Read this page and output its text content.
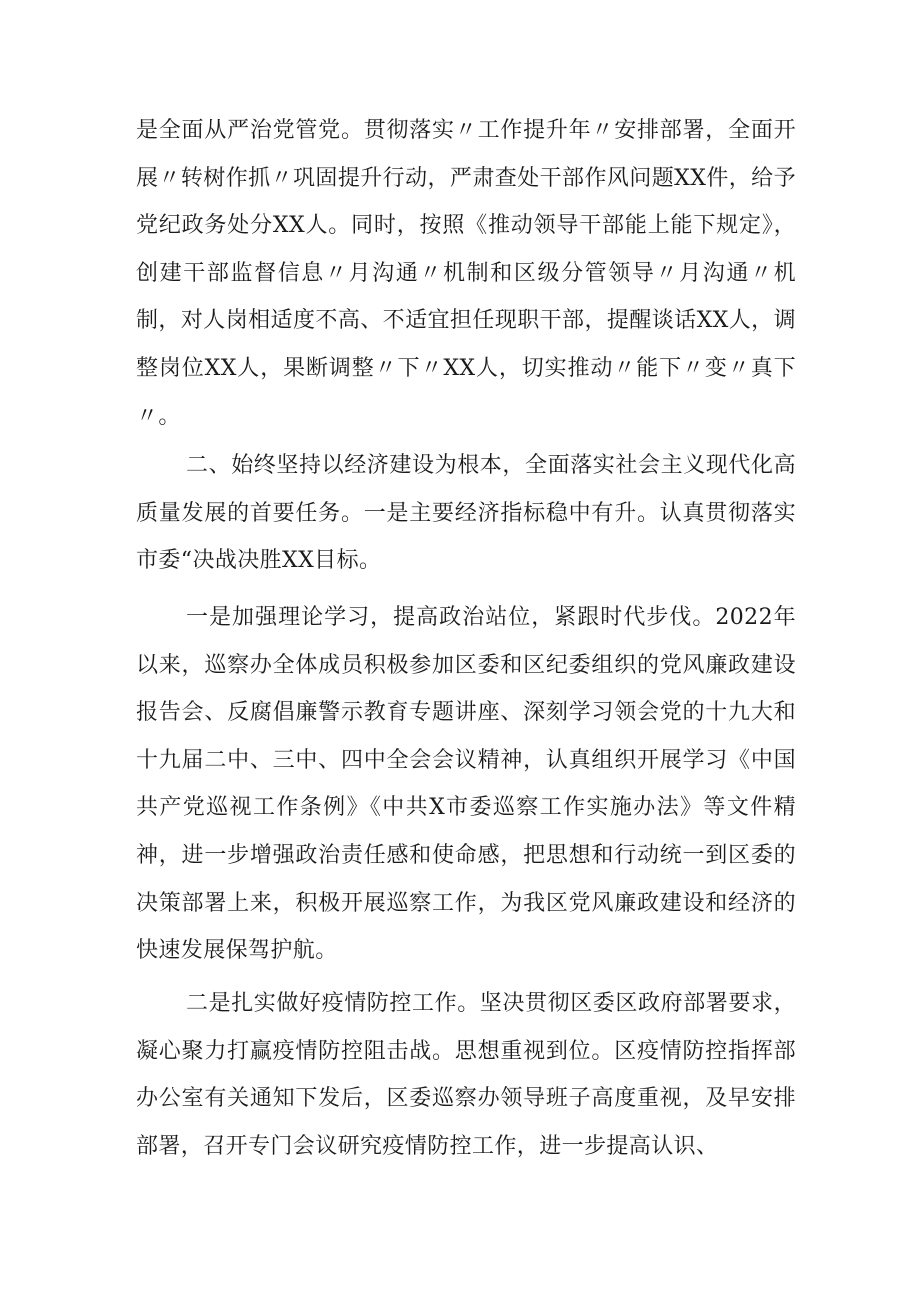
是全面从严治党管党。贯彻落实〃工作提升年〃安排部署，全面开展〃转树作抓〃巩固提升行动，严肃查处干部作风问题XX件，给予党纪政务处分XX人。同时，按照《推动领导干部能上能下规定》，创建干部监督信息〃月沟通〃机制和区级分管领导〃月沟通〃机制，对人岗相适度不高、不适宜担任现职干部，提醒谈话XX人，调整岗位XX人，果断调整〃下〃XX人，切实推动〃能下〃变〃真下〃。

二、始终坚持以经济建设为根本，全面落实社会主义现代化高质量发展的首要任务。一是主要经济指标稳中有升。认真贯彻落实市委“决战决胜XX目标。

一是加强理论学习，提高政治站位，紧跟时代步伐。2022年以来，巡察办全体成员积极参加区委和区纪委组织的党风廉政建设报告会、反腐倡廉警示教育专题讲座、深刻学习领会党的十九大和十九届二中、三中、四中全会会议精神，认真组织开展学习《中国共产党巡视工作条例》《中共X市委巡察工作实施办法》等文件精神，进一步增强政治责任感和使命感，把思想和行动统一到区委的决策部署上来，积极开展巡察工作，为我区党风廉政建设和经济的快速发展保驾护航。

二是扎实做好疫情防控工作。坚决贯彻区委区政府部署要求，凝心聚力打赢疫情防控阻击战。思想重视到位。区疫情防控指挥部办公室有关通知下发后，区委巡察办领导班子高度重视，及早安排部署，召开专门会议研究疫情防控工作，进一步提高认识、
